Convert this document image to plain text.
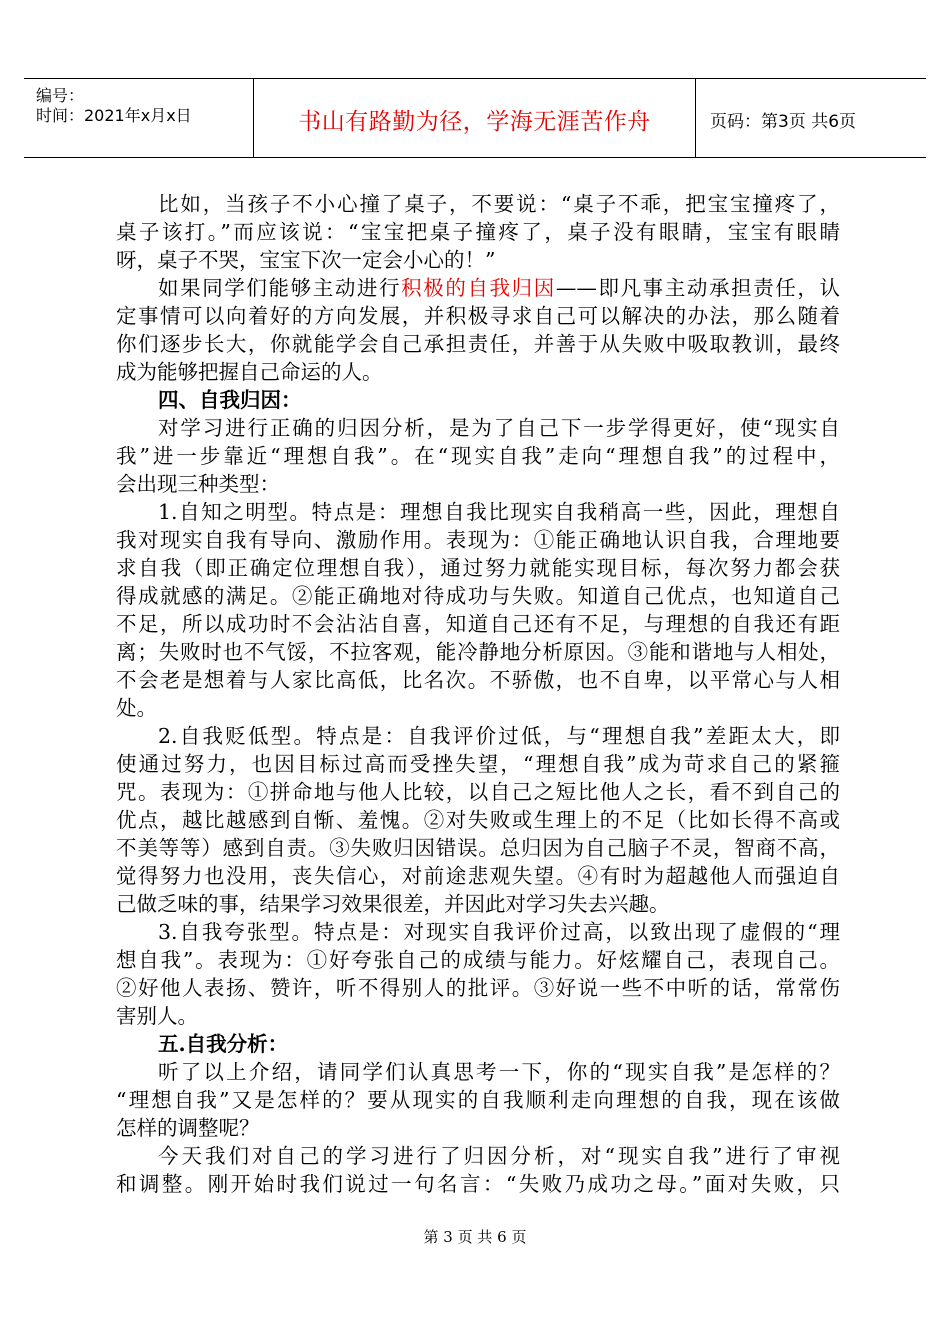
编号：
时间：2021年x月x日	书山有路勤为径，学海无涯苦作舟	页码：第3页 共6页
比如，当孩子不小心撞了桌子，不要说：“桌子不乖，把宝宝撞疼了，
桌子该打。”而应该说：“宝宝把桌子撞疼了，桌子没有眼睛，宝宝有眼睛
呀，桌子不哭，宝宝下次一定会小心的！”
如果同学们能够主动进行积极的自我归因——即凡事主动承担责任，认
定事情可以向着好的方向发展，并积极寻求自己可以解决的办法，那么随着
你们逐步长大，你就能学会自己承担责任，并善于从失败中吸取教训，最终
成为能够把握自己命运的人。
四、自我归因：
对学习进行正确的归因分析，是为了自己下一步学得更好，使“现实自
我”进一步靠近“理想自我”。在“现实自我”走向“理想自我”的过程中，
会出现三种类型：
1.自知之明型。特点是：理想自我比现实自我稍高一些，因此，理想自
我对现实自我有导向、激励作用。表现为：①能正确地认识自我，合理地要
求自我（即正确定位理想自我），通过努力就能实现目标，每次努力都会获
得成就感的满足。②能正确地对待成功与失败。知道自己优点，也知道自己
不足，所以成功时不会沾沾自喜，知道自己还有不足，与理想的自我还有距
离；失败时也不气馁，不拉客观，能冷静地分析原因。③能和谐地与人相处，
不会老是想着与人家比高低，比名次。不骄傲，也不自卑，以平常心与人相
处。
2.自我贬低型。特点是：自我评价过低，与“理想自我”差距太大，即
使通过努力，也因目标过高而受挫失望，“理想自我”成为苛求自己的紧箍
咒。表现为：①拼命地与他人比较，以自己之短比他人之长，看不到自己的
优点，越比越感到自惭、羞愧。②对失败或生理上的不足（比如长得不高或
不美等等）感到自责。③失败归因错误。总归因为自己脑子不灵，智商不高，
觉得努力也没用，丧失信心，对前途悲观失望。④有时为超越他人而强迫自
己做乏味的事，结果学习效果很差，并因此对学习失去兴趣。
3.自我夸张型。特点是：对现实自我评价过高，以致出现了虚假的“理
想自我”。表现为：①好夸张自己的成绩与能力。好炫耀自己，表现自己。
②好他人表扬、赞许，听不得别人的批评。③好说一些不中听的话，常常伤
害别人。
五.自我分析：
听了以上介绍，请同学们认真思考一下，你的“现实自我”是怎样的？
“理想自我”又是怎样的？要从现实的自我顺利走向理想的自我，现在该做
怎样的调整呢？
今天我们对自己的学习进行了归因分析，对“现实自我”进行了审视
和调整。刚开始时我们说过一句名言：“失败乃成功之母。”面对失败，只
第 3 页 共 6 页
